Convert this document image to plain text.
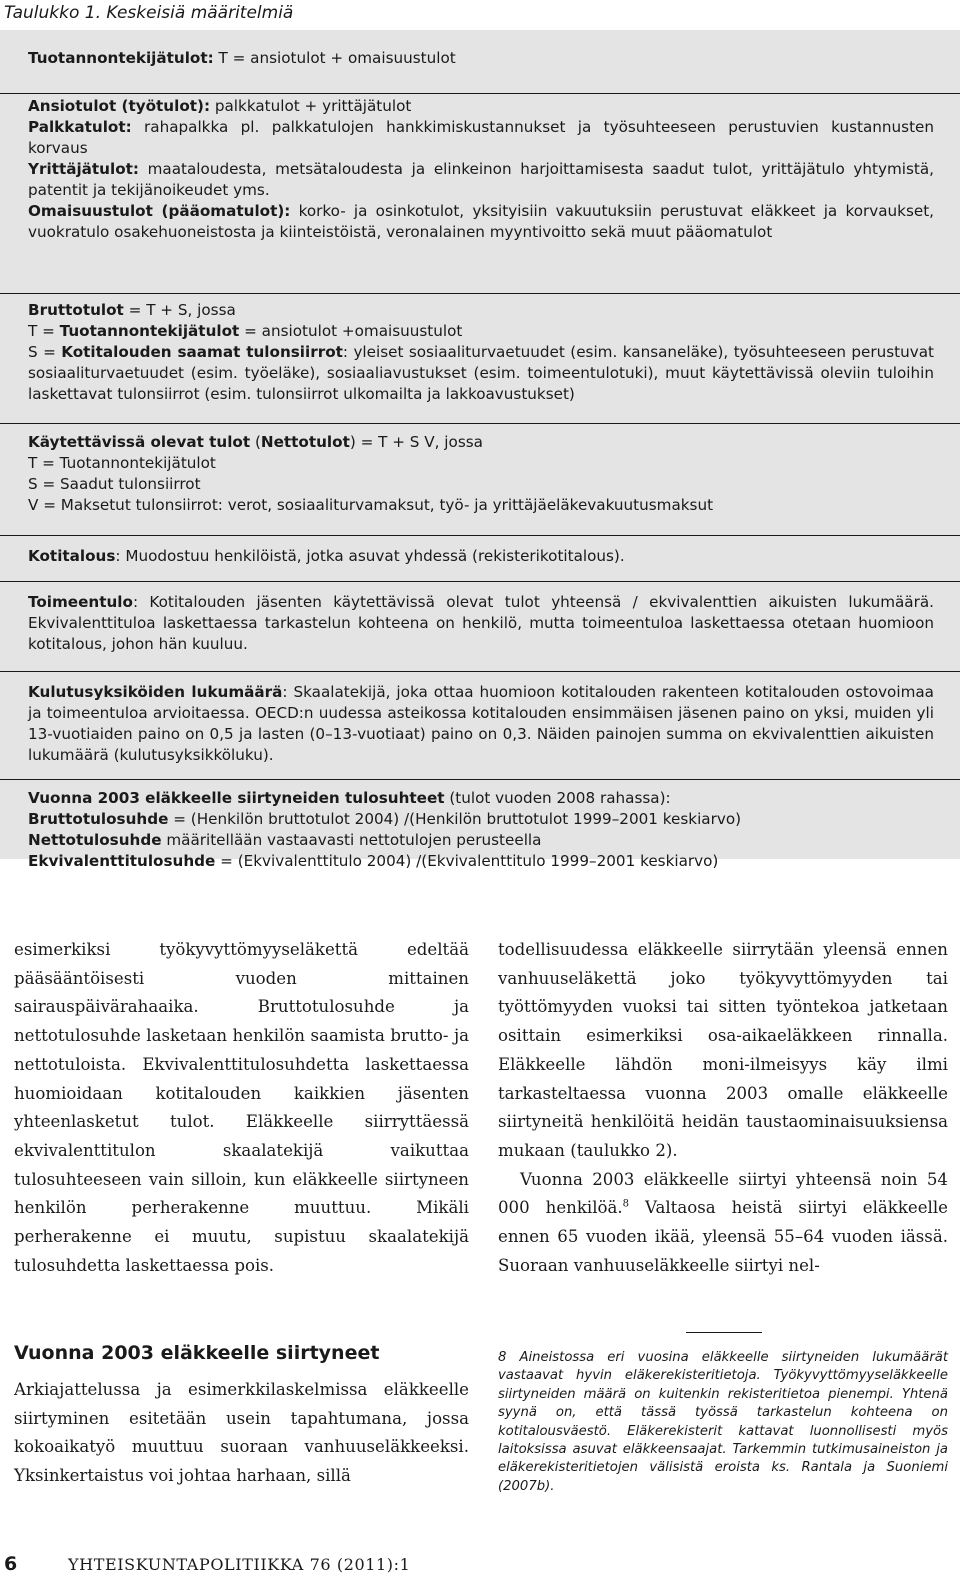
Taulukko 1. Keskeisiä määritelmiä

Tuotannontekijätulot: T = ansiotulot + omaisuustulot

Ansiotulot (työtulot): palkkatulot + yrittäjätulot

Palkkatulot: rahapalkka pl. palkkatulojen hankkimiskustannukset ja työsuhteeseen perustuvien kustannusten korvaus

Yrittäjätulot: maataloudesta, metsätaloudesta ja elinkeinon harjoittamisesta saadut tulot, yrittäjätulo yhtymistä, patentit ja tekijänoikeudet yms.

Omaisuustulot (pääomatulot): korko- ja osinkotulot, yksityisiin vakuutuksiin perustuvat eläkkeet ja korvaukset, vuokratulo osakehuoneistosta ja kiinteistöistä, veronalainen myyntivoitto sekä muut pääomatulot

Bruttotulot = T + S, jossa

T = Tuotannontekijätulot = ansiotulot +omaisuustulot

S = Kotitalouden saamat tulonsiirrot: yleiset sosiaaliturvaetuudet (esim. kansaneläke), työsuhteeseen perustuvat sosiaaliturvaetuudet (esim. työeläke), sosiaaliavustukset (esim. toimeentulotuki), muut käytettävissä oleviin tuloihin laskettavat tulonsiirrot (esim. tulonsiirrot ulkomailta ja lakkoavustukset)

Käytettävissä olevat tulot (Nettotulot) = T + S V, jossa

T = Tuotannontekijätulot

S = Saadut tulonsiirrot

V = Maksetut tulonsiirrot: verot, sosiaaliturvamaksut, työ- ja yrittäjäeläkevakuutusmaksut

Kotitalous: Muodostuu henkilöistä, jotka asuvat yhdessä (rekisterikotitalous).

Toimeentulo: Kotitalouden jäsenten käytettävissä olevat tulot yhteensä / ekvivalenttien aikuisten lukumäärä. Ekvivalenttituloa laskettaessa tarkastelun kohteena on henkilö, mutta toimeentuloa laskettaessa otetaan huomioon kotitalous, johon hän kuuluu.

Kulutusyksiköiden lukumäärä: Skaalatekijä, joka ottaa huomioon kotitalouden rakenteen kotitalouden ostovoimaa ja toimeentuloa arvioitaessa. OECD:n uudessa asteikossa kotitalouden ensimmäisen jäsenen paino on yksi, muiden yli 13-vuotiaiden paino on 0,5 ja lasten (0–13-vuotiaat) paino on 0,3. Näiden painojen summa on ekvivalenttien aikuisten lukumäärä (kulutusyksikköluku).

Vuonna 2003 eläkkeelle siirtyneiden tulosuhteet (tulot vuoden 2008 rahassa):

Bruttotulosuhde = (Henkilön bruttotulot 2004) /(Henkilön bruttotulot 1999–2001 keskiarvo)

Nettotulosuhde määritellään vastaavasti nettotulojen perusteella

Ekvivalenttitulosuhde = (Ekvivalenttitulo 2004) /(Ekvivalenttitulo 1999–2001 keskiarvo)

esimerkiksi työkyvyttömyyseläkettä edeltää pääsääntöisesti vuoden mittainen sairauspäivärahaaika. Bruttotulosuhde ja nettotulosuhde lasketaan henkilön saamista brutto- ja nettotuloista. Ekvivalenttitulosuhdetta laskettaessa huomioidaan kotitalouden kaikkien jäsenten yhteenlasketut tulot. Eläkkeelle siirryttäessä ekvivalenttitulon skaalatekijä vaikuttaa tulosuhteeseen vain silloin, kun eläkkeelle siirtyneen henkilön perherakenne muuttuu. Mikäli perherakenne ei muutu, supistuu skaalatekijä tulosuhdetta laskettaessa pois.

todellisuudessa eläkkeelle siirrytään yleensä ennen vanhuuseläkettä joko työkyvyttömyyden tai työttömyyden vuoksi tai sitten työntekoa jatketaan osittain esimerkiksi osa-aikaeläkkeen rinnalla. Eläkkeelle lähdön moni-ilmeisyys käy ilmi tarkasteltaessa vuonna 2003 omalle eläkkeelle siirtyneitä henkilöitä heidän taustaominaisuuksiensa mukaan (taulukko 2).

Vuonna 2003 eläkkeelle siirtyi yhteensä noin 54 000 henkilöä.$^8$ Valtaosa heistä siirtyi eläkkeelle ennen 65 vuoden ikää, yleensä 55–64 vuoden iässä. Suoraan vanhuuseläkkeelle siirtyi nel-

Vuonna 2003 eläkkeelle siirtyneet

Arkiajattelussa ja esimerkkilaskelmissa eläkkeelle siirtyminen esitetään usein tapahtumana, jossa kokoaikatyö muuttuu suoraan vanhuuseläkkeeksi. Yksinkertaistus voi johtaa harhaan, sillä

8 Aineistossa eri vuosina eläkkeelle siirtyneiden lukumäärät vastaavat hyvin eläkerekisteritietoja. Työkyvyttömyyseläkkeelle siirtyneiden määrä on kuitenkin rekisteritietoa pienempi. Yhtenä syynä on, että tässä työssä tarkastelun kohteena on kotitalousväestö. Eläkerekisterit kattavat luonnollisesti myös laitoksissa asuvat eläkkeensaajat. Tarkemmin tutkimusaineiston ja eläkerekisteritietojen välisistä eroista ks. Rantala ja Suoniemi (2007b).
6	YHTEISKUNTAPOLITIIKKA 76 (2011):1
